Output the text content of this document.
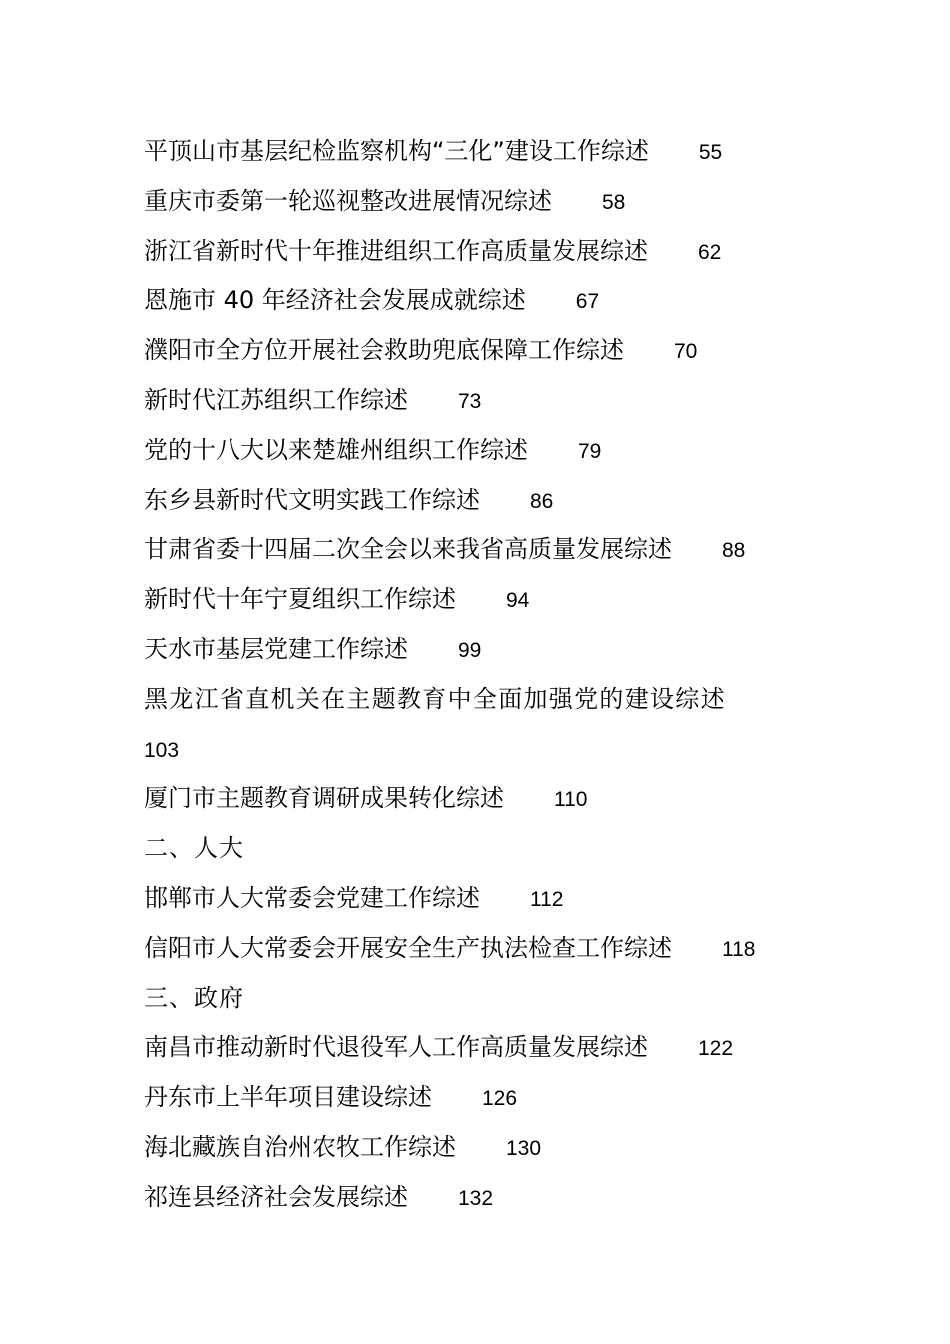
平顶山市基层纪检监察机构“三化”建设工作综述 55
重庆市委第一轮巡视整改进展情况综述 58
浙江省新时代十年推进组织工作高质量发展综述 62
恩施市 40 年经济社会发展成就综述 67
濮阳市全方位开展社会救助兜底保障工作综述 70
新时代江苏组织工作综述 73
党的十八大以来楚雄州组织工作综述 79
东乡县新时代文明实践工作综述 86
甘肃省委十四届二次全会以来我省高质量发展综述 88
新时代十年宁夏组织工作综述 94
天水市基层党建工作综述 99
黑龙江省直机关在主题教育中全面加强党的建设综述
103
厦门市主题教育调研成果转化综述 110
二、人大
邯郸市人大常委会党建工作综述 112
信阳市人大常委会开展安全生产执法检查工作综述 118
三、政府
南昌市推动新时代退役军人工作高质量发展综述 122
丹东市上半年项目建设综述 126
海北藏族自治州农牧工作综述 130
祁连县经济社会发展综述 132
